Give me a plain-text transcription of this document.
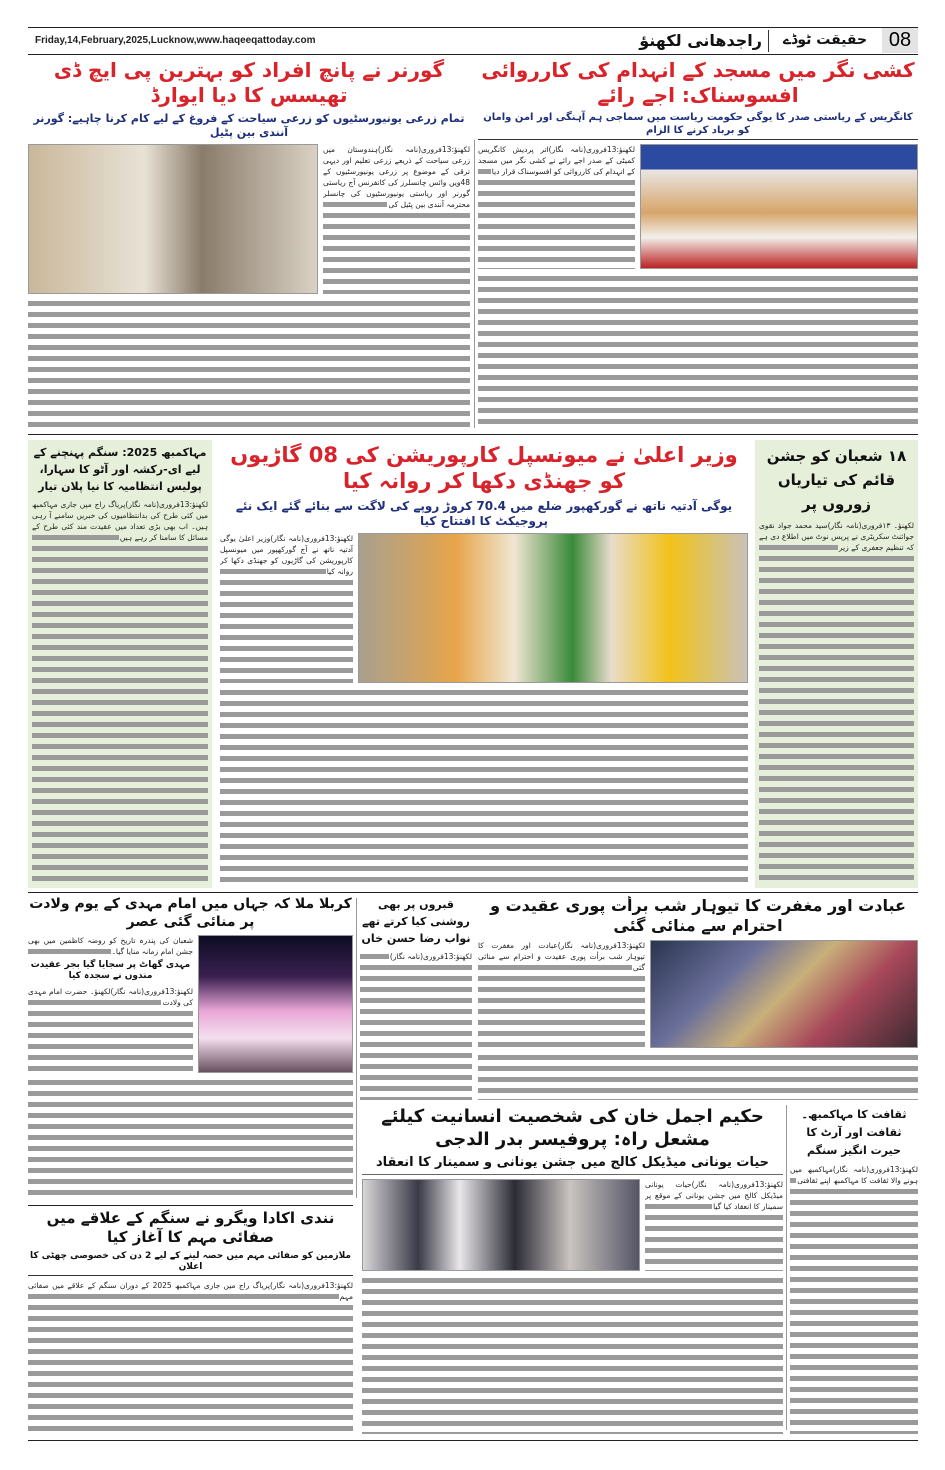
Friday,14,February,2025,Lucknow,www.haqeeqattoday.com	راجدھانی لکھنؤ	حقیقت ٹوڈے	08
گورنر نے پانچ افراد کو بہترین پی ایچ ڈی تھیسس کا دیا ایوارڈ
تمام زرعی یونیورسٹیوں کو زرعی سیاحت کے فروغ کے لیے کام کرنا چاہیے: گورنر آنندی بین پٹیل
لکھنؤ:13فروری(نامہ نگار)ہندوستان میں زرعی سیاحت کے ذریعے زرعی تعلیم اور دیہی ترقی کے موضوع پر زرعی یونیورسٹیوں کے 48ویں وائس چانسلرز کی کانفرنس آج ریاستی گورنر اور ریاستی یونیورسٹیوں کی چانسلر محترمہ آنندی بین پٹیل کی
کشی نگر میں مسجد کے انہدام کی کارروائی افسوسناک: اجے رائے
کانگریس کے ریاستی صدر کا یوگی حکومت ریاست میں سماجی ہم آہنگی اور امن وامان کو برباد کرنے کا الزام
لکھنؤ:13فروری(نامہ نگار)اتر پردیش کانگریس کمیٹی کے صدر اجے رائے نے کشی نگر میں مسجد کے انہدام کی کارروائی کو افسوسناک قرار دیا
مہاکمبھ 2025: سنگم پہنچنے کے لیے ای-رکشہ اور آٹو کا سہارا، پولیس انتظامیہ کا نیا پلان تیار
لکھنؤ:13فروری(نامہ نگار)پریاگ راج میں جاری مہاکمبھ میں کئی طرح کی بدانتظامیوں کی خبریں سامنے آ رہی ہیں۔ اب بھی بڑی تعداد میں عقیدت مند کئی طرح کے مسائل کا سامنا کر رہے ہیں
وزیر اعلیٰ نے میونسپل کارپوریشن کی 08 گاڑیوں کو جھنڈی دکھا کر روانہ کیا
یوگی آدتیہ ناتھ نے گورکھپور ضلع میں 70.4 کروڑ روپے کی لاگت سے بنائے گئے ایک نئے پروجیکٹ کا افتتاح کیا
لکھنؤ:13فروری(نامہ نگار)وزیر اعلیٰ یوگی آدتیہ ناتھ نے آج گورکھپور میں میونسپل کارپوریشن کی گاڑیوں کو جھنڈی دکھا کر روانہ کیا
۱۸ شعبان کو جشن قائم کی تیاریاں زوروں پر
لکھنؤ۔ ۱۳فروری(نامہ نگار)سید محمد جواد نقوی جوائنٹ سکریٹری نے پریس نوٹ میں اطلاع دی ہے کہ تنظیم جعفری کے زیر
عبادت اور مغفرت کا تیوہار شب برأت پوری عقیدت و احترام سے منائی گئی
لکھنؤ:13فروری(نامہ نگار)عبادت اور مغفرت کا تیوہار شب برأت پوری عقیدت و احترام سے منائی گئی
قبروں پر بھی روشنی کیا کرتے تھے نواب رضا حسن خاں
لکھنؤ:13فروری(نامہ نگار)
کربلا ملا کہ جہاں میں امام مہدی کے یوم ولادت پر منائی گئی عصر
شعبان کی پندرہ تاریخ کو روضہ کاظمین میں بھی جشن امام زمانہ منایا گیا۔
مہدی گھاٹ پر سجایا گیا بجر عقیدت مندوں نے سجدہ کیا
لکھنؤ:13فروری(نامہ نگار)لکھنؤ۔ حضرت امام مہدی کی ولادت
حکیم اجمل خان کی شخصیت انسانیت کیلئے مشعل راہ: پروفیسر بدر الدجی
حیات یونانی میڈیکل کالج میں جشن یونانی و سمینار کا انعقاد
لکھنؤ:13فروری(نامہ نگار)حیات یونانی میڈیکل کالج میں جشن یونانی کے موقع پر سمینار کا انعقاد کیا گیا
ثقافت کا مہاکمبھ۔ثقافت اور آرٹ کا حیرت انگیز سنگم
لکھنؤ:13فروری(نامہ نگار)مہاکمبھ میں ہونے والا ثقافت کا مہاکمبھ اپنے ثقافتی
نندی اکادا ویگرو نے سنگم کے علاقے میں صفائی مہم کا آغاز کیا
ملازمین کو صفائی مہم میں حصہ لینے کے لیے 2 دن کی خصوصی چھٹی کا اعلان
لکھنؤ:13فروری(نامہ نگار)پریاگ راج میں جاری مہاکمبھ 2025 کے دوران سنگم کے علاقے میں صفائی مہم
